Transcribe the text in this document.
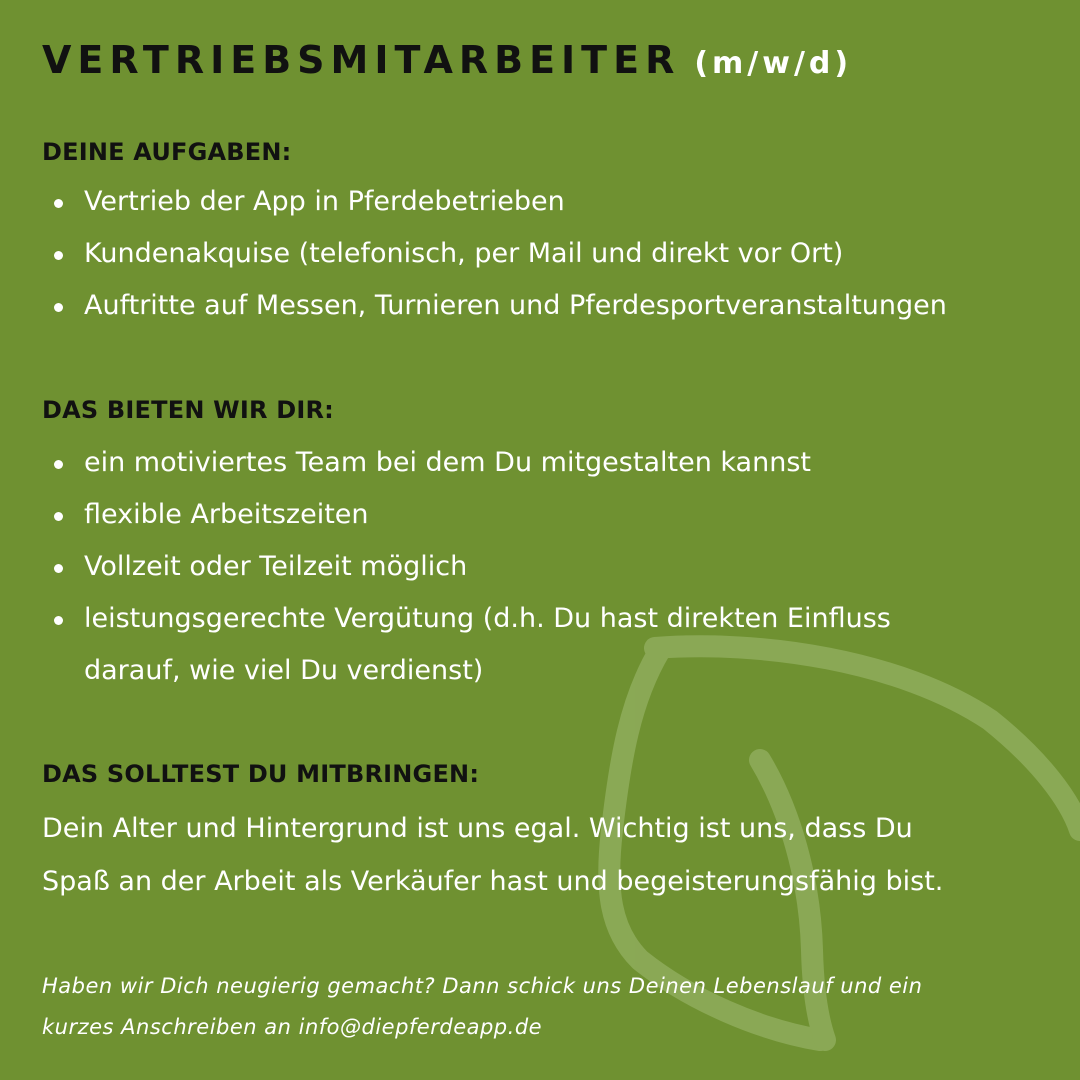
VERTRIEBSMITARBEITER (m/w/d)
DEINE AUFGABEN:
Vertrieb der App in Pferdebetrieben
Kundenakquise (telefonisch, per Mail und direkt vor Ort)
Auftritte auf Messen, Turnieren und Pferdesportveranstaltungen
DAS BIETEN WIR DIR:
ein motiviertes Team bei dem Du mitgestalten kannst
flexible Arbeitszeiten
Vollzeit oder Teilzeit möglich
leistungsgerechte Vergütung (d.h. Du hast direkten Einfluss
darauf, wie viel Du verdienst)
DAS SOLLTEST DU MITBRINGEN:
Dein Alter und Hintergrund ist uns egal. Wichtig ist uns, dass Du
Spaß an der Arbeit als Verkäufer hast und begeisterungsfähig bist.
Haben wir Dich neugierig gemacht? Dann schick uns Deinen Lebenslauf und ein
kurzes Anschreiben an info@diepferdeapp.de
